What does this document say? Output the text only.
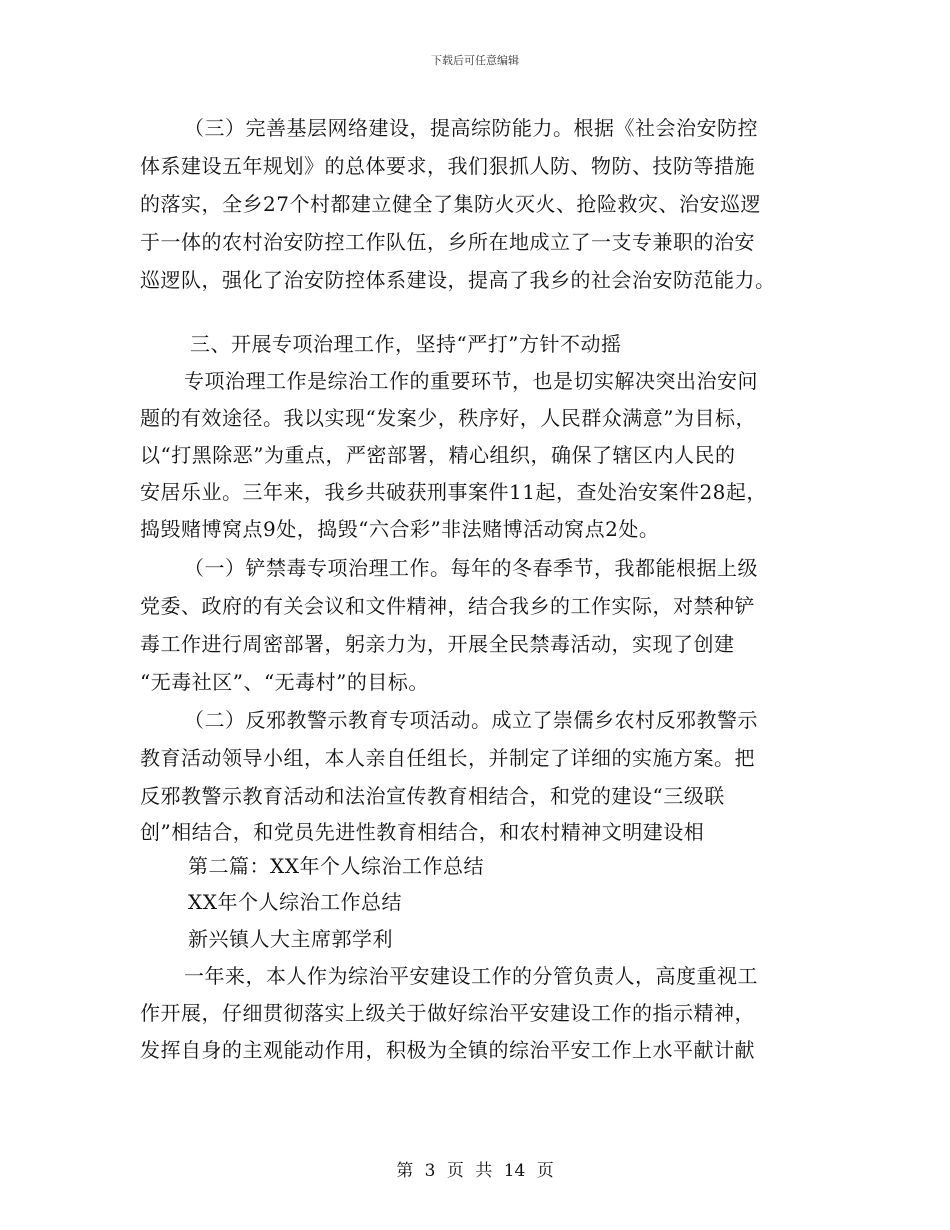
下载后可任意编辑
（三）完善基层网络建设，提高综防能力。根据《社会治安防控
体系建设五年规划》的总体要求，我们狠抓人防、物防、技防等措施
的落实，全乡27个村都建立健全了集防火灭火、抢险救灾、治安巡逻
于一体的农村治安防控工作队伍，乡所在地成立了一支专兼职的治安
巡逻队，强化了治安防控体系建设，提高了我乡的社会治安防范能力。
三、开展专项治理工作，坚持“严打”方针不动摇
专项治理工作是综治工作的重要环节，也是切实解决突出治安问
题的有效途径。我以实现“发案少，秩序好，人民群众满意”为目标，
以“打黑除恶”为重点，严密部署，精心组织，确保了辖区内人民的
安居乐业。三年来，我乡共破获刑事案件11起，查处治安案件28起，
捣毁赌博窝点9处，捣毁“六合彩”非法赌博活动窝点2处。
（一）铲禁毒专项治理工作。每年的冬春季节，我都能根据上级
党委、政府的有关会议和文件精神，结合我乡的工作实际，对禁种铲
毒工作进行周密部署，躬亲力为，开展全民禁毒活动，实现了创建
“无毒社区”、“无毒村”的目标。
（二）反邪教警示教育专项活动。成立了崇儒乡农村反邪教警示
教育活动领导小组，本人亲自任组长，并制定了详细的实施方案。把
反邪教警示教育活动和法治宣传教育相结合，和党的建设“三级联
创”相结合，和党员先进性教育相结合，和农村精神文明建设相
第二篇：XX年个人综治工作总结
XX年个人综治工作总结
新兴镇人大主席郭学利
一年来，本人作为综治平安建设工作的分管负责人，高度重视工
作开展，仔细贯彻落实上级关于做好综治平安建设工作的指示精神，
发挥自身的主观能动作用，积极为全镇的综治平安工作上水平献计献
第 3 页 共 14 页
